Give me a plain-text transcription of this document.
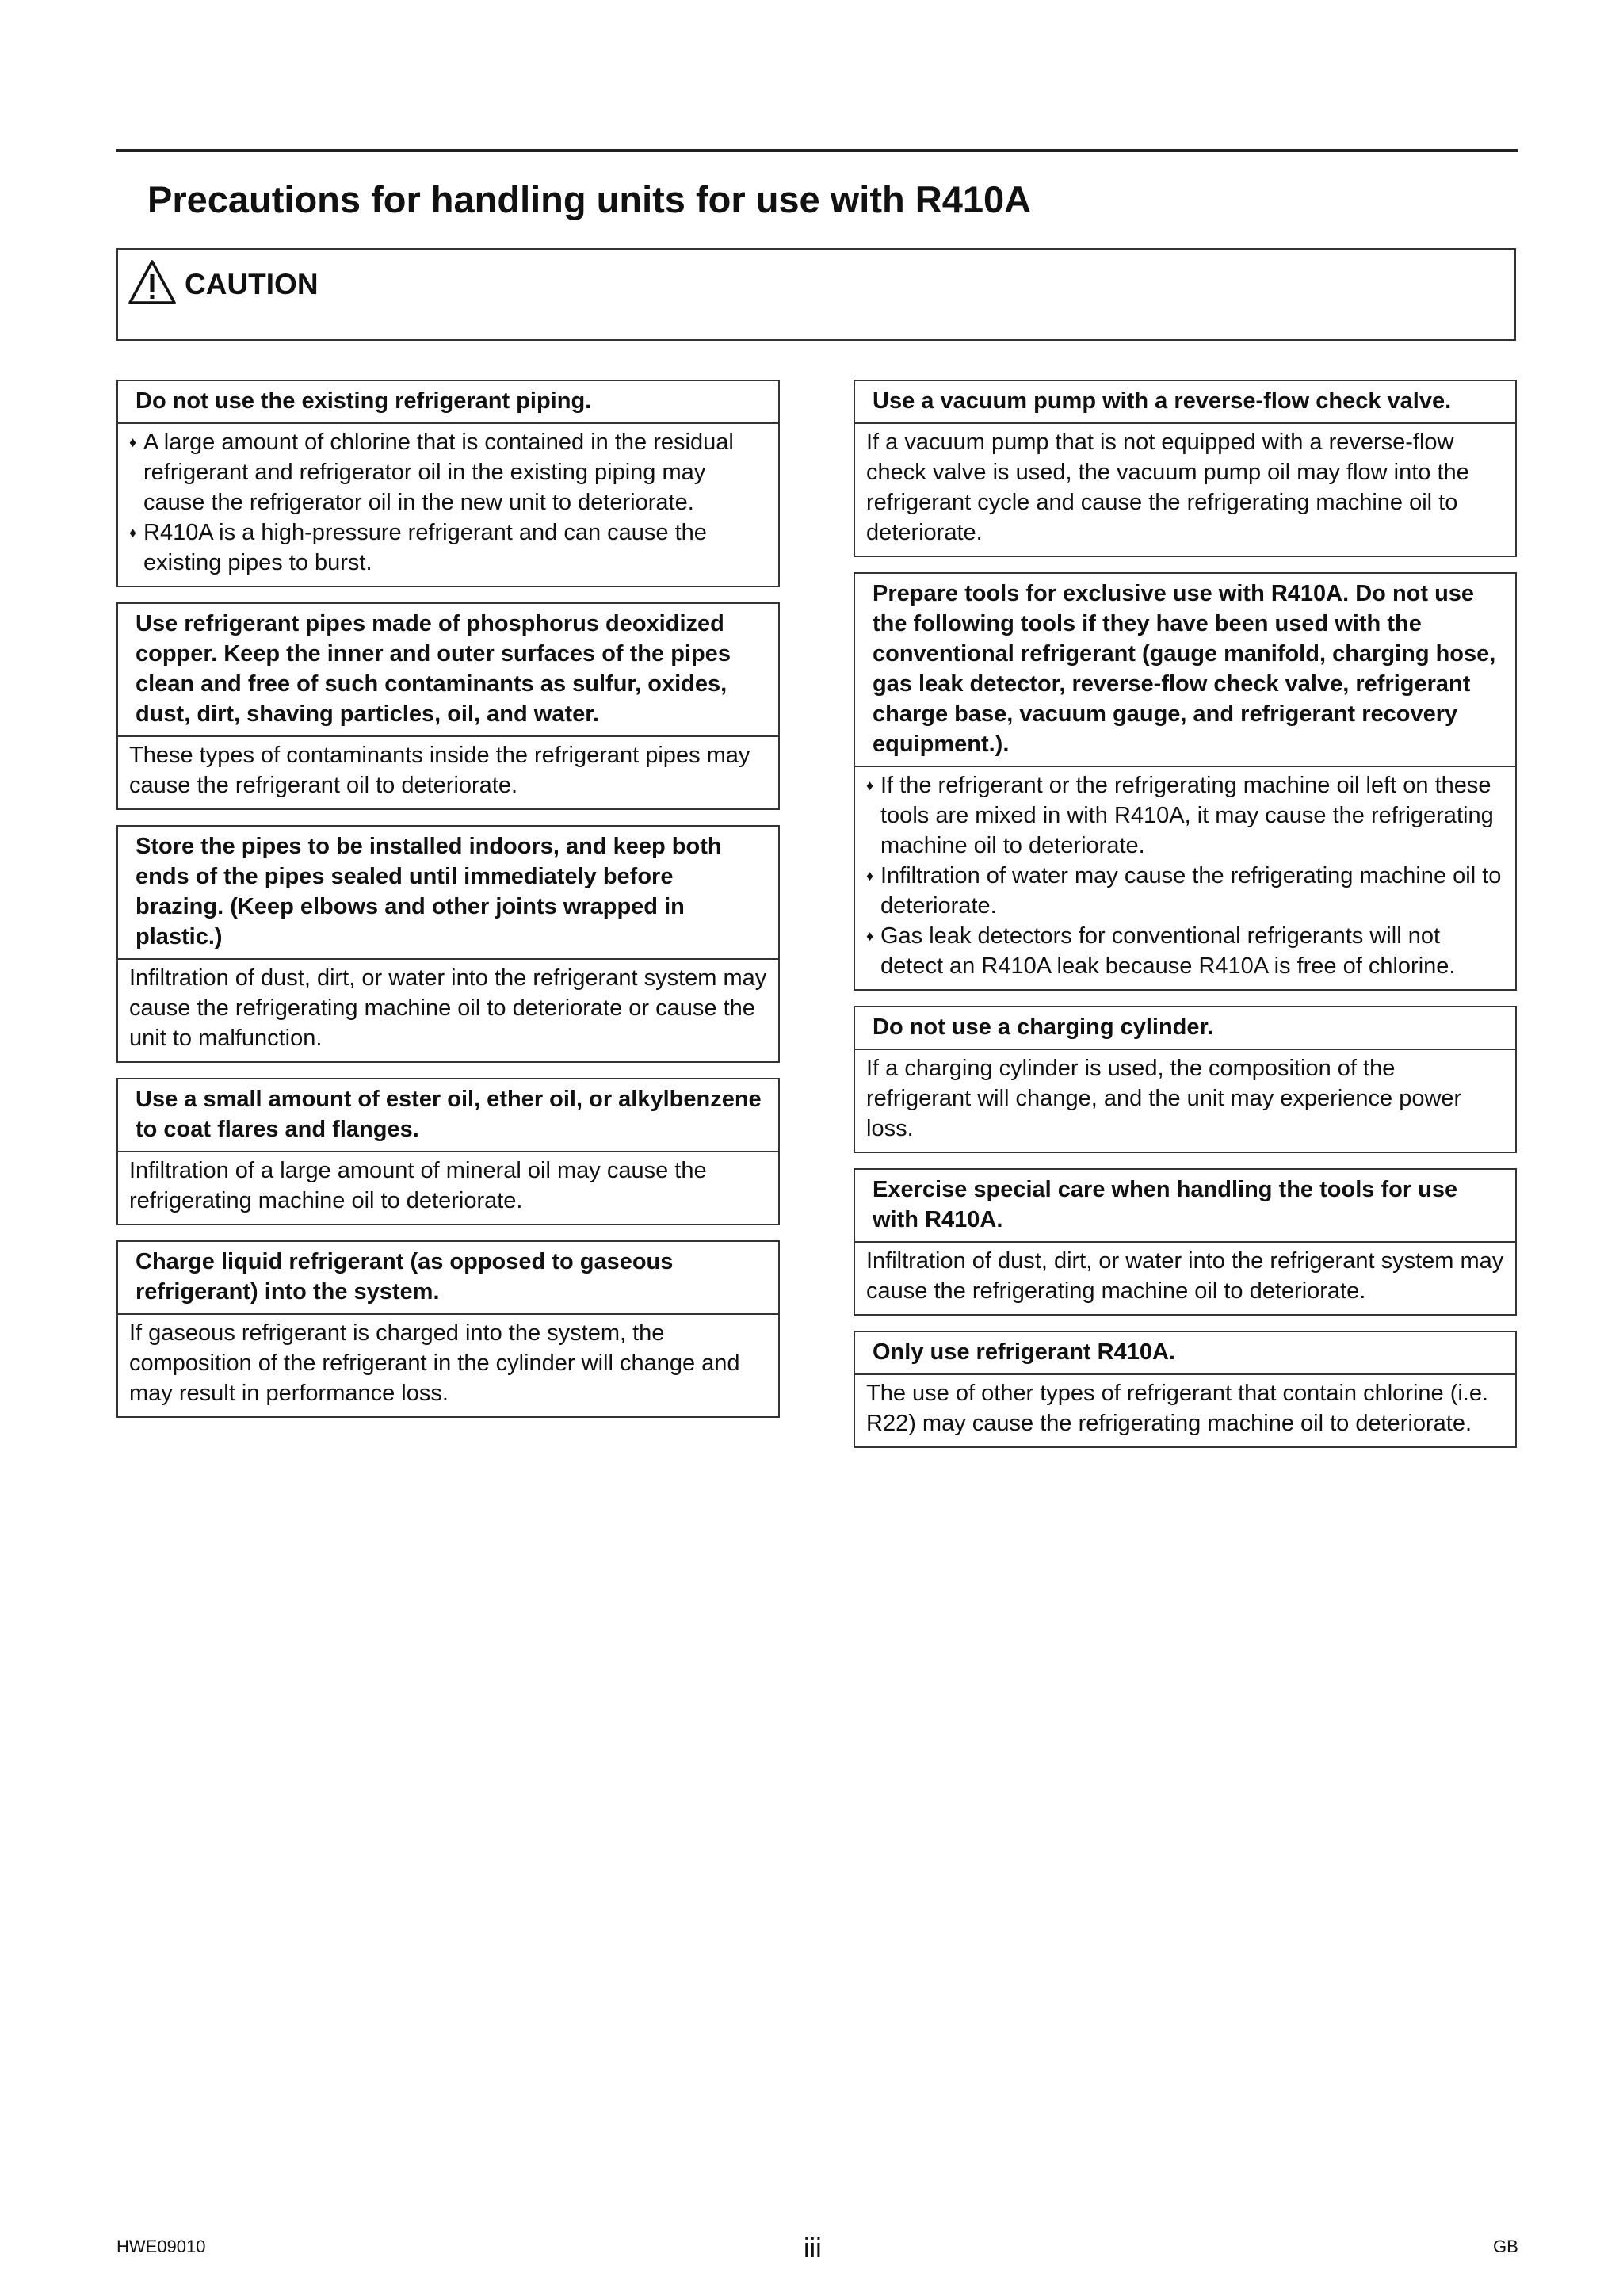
Precautions for handling units for use with R410A
CAUTION
Do not use the existing refrigerant piping.
♦ A large amount of chlorine that is contained in the residual refrigerant and refrigerator oil in the existing piping may cause the refrigerator oil in the new unit to deteriorate.
♦ R410A is a high-pressure refrigerant and can cause the existing pipes to burst.
Use refrigerant pipes made of phosphorus deoxidized copper. Keep the inner and outer surfaces of the pipes clean and free of such contaminants as sulfur, oxides, dust, dirt, shaving particles, oil, and water.
These types of contaminants inside the refrigerant pipes may cause the refrigerant oil to deteriorate.
Store the pipes to be installed indoors, and keep both ends of the pipes sealed until immediately before brazing. (Keep elbows and other joints wrapped in plastic.)
Infiltration of dust, dirt, or water into the refrigerant system may cause the refrigerating machine oil to deteriorate or cause the unit to malfunction.
Use a small amount of ester oil, ether oil, or alkylbenzene to coat flares and flanges.
Infiltration of a large amount of mineral oil may cause the refrigerating machine oil to deteriorate.
Charge liquid refrigerant (as opposed to gaseous refrigerant) into the system.
If gaseous refrigerant is charged into the system, the composition of the refrigerant in the cylinder will change and may result in performance loss.
Use a vacuum pump with a reverse-flow check valve.
If a vacuum pump that is not equipped with a reverse-flow check valve is used, the vacuum pump oil may flow into the refrigerant cycle and cause the refrigerating machine oil to deteriorate.
Prepare tools for exclusive use with R410A. Do not use the following tools if they have been used with the conventional refrigerant (gauge manifold, charging hose, gas leak detector, reverse-flow check valve, refrigerant charge base, vacuum gauge, and refrigerant recovery equipment.).
♦ If the refrigerant or the refrigerating machine oil left on these tools are mixed in with R410A, it may cause the refrigerating machine oil to deteriorate.
♦ Infiltration of water may cause the refrigerating machine oil to deteriorate.
♦ Gas leak detectors for conventional refrigerants will not detect an R410A leak because R410A is free of chlorine.
Do not use a charging cylinder.
If a charging cylinder is used, the composition of the refrigerant will change, and the unit may experience power loss.
Exercise special care when handling the tools for use with R410A.
Infiltration of dust, dirt, or water into the refrigerant system may cause the refrigerating machine oil to deteriorate.
Only use refrigerant R410A.
The use of other types of refrigerant that contain chlorine (i.e. R22) may cause the refrigerating machine oil to deteriorate.
HWE09010	iii	GB
